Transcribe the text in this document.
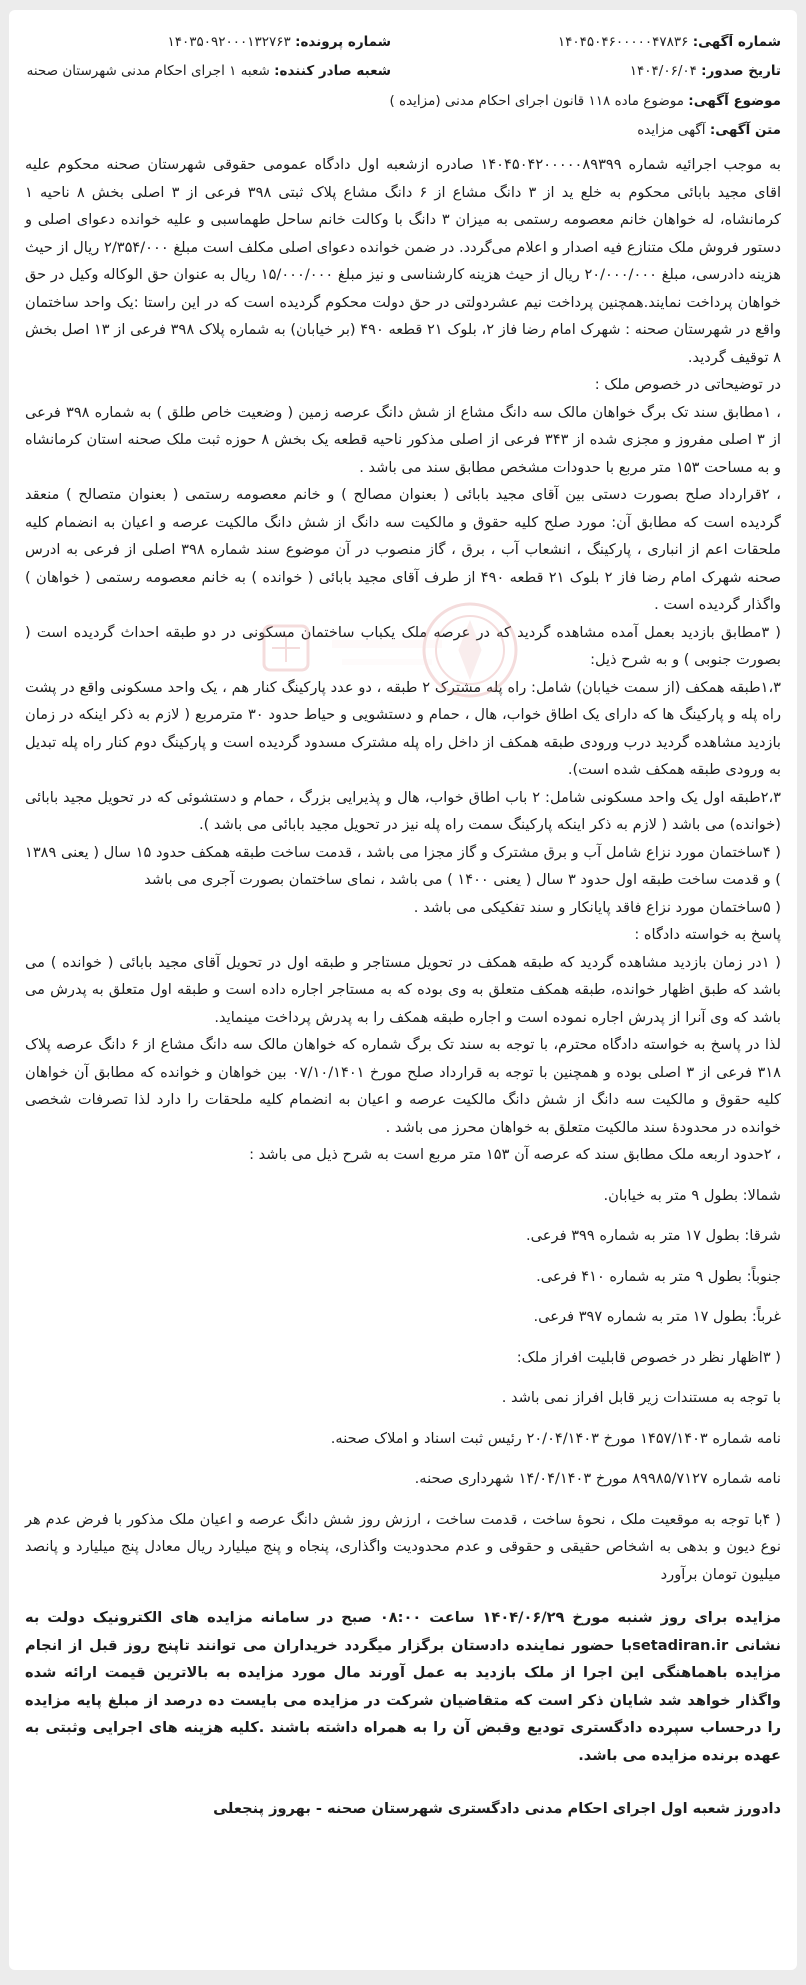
شماره آگهی: ۱۴۰۴۵۰۴۶۰۰۰۰۰۴۷۸۳۶
شماره پرونده: ۱۴۰۳۵۰۹۲۰۰۰۱۳۲۷۶۳
تاریخ صدور: ۱۴۰۴/۰۶/۰۴
شعبه صادر کننده: شعبه ۱ اجرای احکام مدنی شهرستان صحنه
موضوع آگهی: موضوع ماده ۱۱۸ قانون اجرای احکام مدنی (مزایده )
متن آگهی: آگهی مزایده

به موجب اجرائیه شماره ۱۴۰۴۵۰۴۲۰۰۰۰۰۸۹۳۹۹ صادره ازشعبه اول دادگاه عمومی حقوقی شهرستان صحنه محکوم علیه اقای مجید بابائی محکوم به خلع ید از ۳ دانگ مشاع از ۶ دانگ مشاع پلاک ثبتی ۳۹۸ فرعی از ۳ اصلی بخش ۸ ناحیه ۱ کرمانشاه، له خواهان خانم معصومه رستمی به میزان ۳ دانگ با وکالت خانم ساحل طهماسبی و علیه خوانده دعوای اصلی و دستور فروش ملک متنازع فیه اصدار و اعلام می‌گردد. در ضمن خوانده دعوای اصلی مکلف است مبلغ ۲/۳۵۴/۰۰۰ ریال از حیث هزینه دادرسی، مبلغ ۲۰/۰۰۰/۰۰۰ ریال از حیث هزینه کارشناسی و نیز مبلغ ۱۵/۰۰۰/۰۰۰ ریال به عنوان حق الوکاله وکیل در حق خواهان پرداخت نمایند.همچنین پرداخت نیم عشردولتی در حق دولت محکوم گردیده است که در این راستا :یک واحد ساختمان واقع در شهرستان صحنه : شهرک امام رضا فاز ۲، بلوک ۲۱ قطعه ۴۹۰ (بر خیابان) به شماره پلاک ۳۹۸ فرعی از ۱۳ اصل بخش ۸ توقیف گردید.

در توضیحاتی در خصوص ملک :

، ۱مطابق سند تک برگ خواهان مالک سه دانگ مشاع از شش دانگ عرصه زمین ( وضعیت خاص طلق ) به شماره ۳۹۸ فرعی از ۳ اصلی مفروز و مجزی شده از ۳۴۳ فرعی از اصلی مذکور ناحیه قطعه یک بخش ۸ حوزه ثبت ملک صحنه استان کرمانشاه و به مساحت ۱۵۳ متر مربع با حدودات مشخص مطابق سند می باشد .

، ۲قرارداد صلح بصورت دستی بین آقای مجید بابائی ( بعنوان مصالح ) و خانم معصومه رستمی ( بعنوان متصالح ) منعقد گردیده است که مطابق آن: مورد صلح کلیه حقوق و مالکیت سه دانگ از شش دانگ مالکیت عرصه و اعیان به انضمام کلیه ملحقات اعم از انباری ، پارکینگ ، انشعاب آب ، برق ، گاز منصوب در آن موضوع سند شماره ۳۹۸ اصلی از فرعی به ادرس صحنه شهرک امام رضا فاز ۲ بلوک ۲۱ قطعه ۴۹۰ از طرف آقای مجید بابائی ( خوانده ) به خانم معصومه رستمی ( خواهان ) واگذار گردیده است .

( ۳مطابق بازدید بعمل آمده مشاهده گردید که در عرصه ملک یکباب ساختمان مسکونی در دو طبقه احداث گردیده است ( بصورت جنوبی ) و به شرح ذیل:

۱،۳طبقه همکف (از سمت خیابان) شامل: راه پله مشترک ۲ طبقه ، دو عدد پارکینگ کنار هم ، یک واحد مسکونی واقع در پشت راه پله و پارکینگ ها که دارای یک اطاق خواب، هال ، حمام و دستشویی و حیاط حدود ۳۰ مترمربع ( لازم به ذکر اینکه در زمان بازدید مشاهده گردید درب ورودی طبقه همکف از داخل راه پله مشترک مسدود گردیده است و پارکینگ دوم کنار راه پله تبدیل به ورودی طبقه همکف شده است).

۲،۳طبقه اول یک واحد مسکونی شامل: ۲ باب اطاق خواب، هال و پذیرایی بزرگ ، حمام و دستشوئی که در تحویل مجید بابائی (خوانده) می باشد ( لازم به ذکر اینکه پارکینگ سمت راه پله نیز در تحویل مجید بابائی می باشد ).

( ۴ساختمان مورد نزاع شامل آب و برق مشترک و گاز مجزا می باشد ، قدمت ساخت طبقه همکف حدود ۱۵ سال ( یعنی ۱۳۸۹ ) و قدمت ساخت طبقه اول حدود ۳ سال ( یعنی ۱۴۰۰ ) می باشد ، نمای ساختمان بصورت آجری می باشد

( ۵ساختمان مورد نزاع فاقد پایانکار و سند تفکیکی می باشد .

پاسخ به خواسته دادگاه :

( ۱در زمان بازدید مشاهده گردید که طبقه همکف در تحویل مستاجر و طبقه اول در تحویل آقای مجید بابائی ( خوانده ) می باشد که طبق اظهار خوانده، طبقه همکف متعلق به وی بوده که به مستاجر اجاره داده است و طبقه اول متعلق به پدرش می باشد که وی آنرا از پدرش اجاره نموده است و اجاره طبقه همکف را به پدرش پرداخت مینماید.

لذا در پاسخ به خواسته دادگاه محترم، با توجه به سند تک برگ شماره که خواهان مالک سه دانگ مشاع از ۶ دانگ عرصه پلاک ۳۱۸ فرعی از ۳ اصلی بوده و همچنین با توجه به قرارداد صلح مورخ ۰۷/۱۰/۱۴۰۱ بین خواهان و خوانده که مطابق آن خواهان کلیه حقوق و مالکیت سه دانگ از شش دانگ مالکیت عرصه و اعیان به انضمام کلیه ملحقات را دارد لذا تصرفات شخصی خوانده در محدودهٔ سند مالکیت متعلق به خواهان محرز می باشد .

، ۲حدود اربعه ملک مطابق سند که عرصه آن ۱۵۳ متر مربع است به شرح ذیل می باشد :

شمالا: بطول ۹ متر به خیابان.

شرقا: بطول ۱۷ متر به شماره ۳۹۹ فرعی.

جنوباً: بطول ۹ متر به شماره ۴۱۰ فرعی.

غرباً: بطول ۱۷ متر به شماره ۳۹۷ فرعی.

( ۳اظهار نظر در خصوص قابلیت افراز ملک:

با توجه به مستندات زیر قابل افراز نمی باشد .

نامه شماره ۱۴۵۷/۱۴۰۳ مورخ ۲۰/۰۴/۱۴۰۳ رئیس ثبت اسناد و املاک صحنه.

نامه شماره ۸۹۹۸۵/۷۱۲۷ مورخ ۱۴/۰۴/۱۴۰۳ شهرداری صحنه.

( ۴با توجه به موقعیت ملک ، نحوهٔ ساخت ، قدمت ساخت ، ارزش روز شش دانگ عرصه و اعیان ملک مذکور با فرض عدم هر نوع دیون و بدهی به اشخاص حقیقی و حقوقی و عدم محدودیت واگذاری، پنجاه و پنج میلیارد ریال معادل پنج میلیارد و پانصد میلیون تومان برآورد

مزایده برای روز شنبه مورخ ۱۴۰۴/۰۶/۲۹ ساعت ۰۸:۰۰ صبح در سامانه مزایده های الکترونیک دولت به نشانی setadiran.irبا حضور نماینده دادستان برگزار میگردد خریداران می توانند تاپنج روز قبل از انجام مزایده باهماهنگی این اجرا از ملک بازدید به عمل آورند مال مورد مزایده به بالاترین قیمت ارائه شده واگذار خواهد شد شایان ذکر است که متقاضیان شرکت در مزایده می بایست ده درصد از مبلغ پایه مزایده را درحساب سپرده دادگستری تودیع وقبض آن را به همراه داشته باشند .کلیه هزینه های اجرایی وثبتی به عهده برنده مزایده می باشد.

دادورز شعبه اول اجرای احکام مدنی دادگستری شهرستان صحنه - بهروز پنجعلی
